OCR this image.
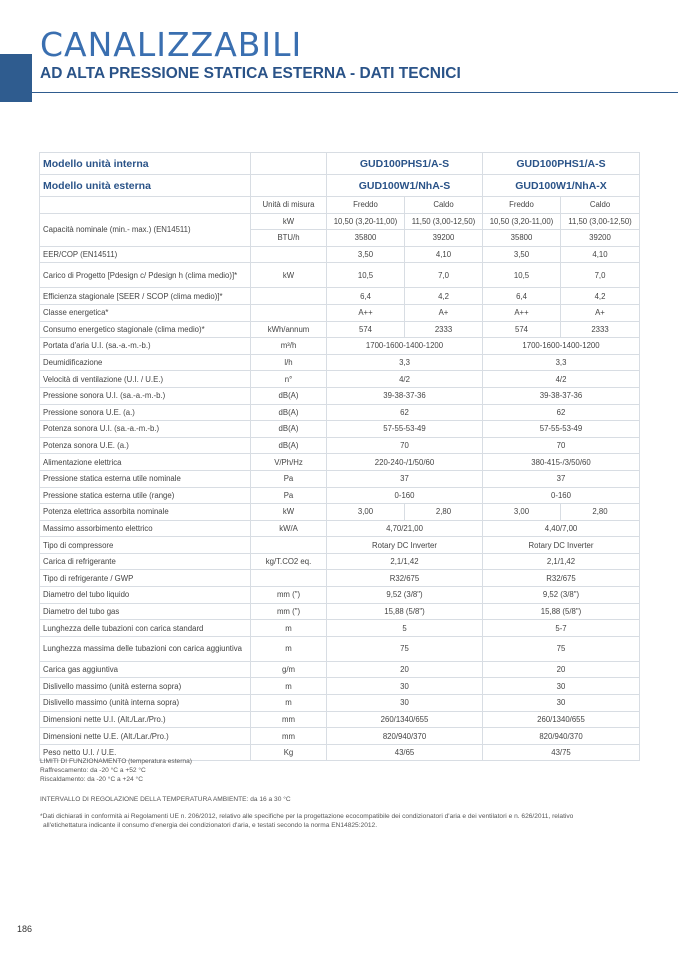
CANALIZZABILI
AD ALTA PRESSIONE STATICA ESTERNA - DATI TECNICI
Modello unità interna		GUD100PHS1/A-S		GUD100PHS1/A-S	
Modello unità esterna		GUD100W1/NhA-S		GUD100W1/NhA-X	
	Unità di misura	Freddo	Caldo	Freddo	Caldo
Capacità nominale (min.- max.) (EN14511)	kW	10,50 (3,20-11,00)	11,50 (3,00-12,50)	10,50 (3,20-11,00)	11,50 (3,00-12,50)
	BTU/h	35800	39200	35800	39200
EER/COP (EN14511)		3,50	4,10	3,50	4,10
Carico di Progetto [Pdesign c/ Pdesign h (clima medio)]*	kW	10,5	7,0	10,5	7,0
Efficienza stagionale [SEER / SCOP (clima medio)]*		6,4	4,2	6,4	4,2
Classe energetica*		A++	A+	A++	A+
Consumo energetico stagionale (clima medio)*	kWh/annum	574	2333	574	2333
Portata d'aria U.I. (sa.-a.-m.-b.)	m³/h	1700-1600-1400-1200		1700-1600-1400-1200	
Deumidificazione	l/h	3,3		3,3	
Velocità di ventilazione (U.I. / U.E.)	n°	4/2		4/2	
Pressione sonora U.I. (sa.-a.-m.-b.)	dB(A)	39-38-37-36		39-38-37-36	
Pressione sonora U.E. (a.)	dB(A)	62		62	
Potenza sonora U.I. (sa.-a.-m.-b.)	dB(A)	57-55-53-49		57-55-53-49	
Potenza sonora U.E. (a.)	dB(A)	70		70	
Alimentazione elettrica	V/Ph/Hz	220-240-/1/50/60		380-415-/3/50/60	
Pressione statica esterna utile nominale	Pa	37		37	
Pressione statica esterna utile (range)	Pa	0-160		0-160	
Potenza elettrica assorbita nominale	kW	3,00	2,80	3,00	2,80
Massimo assorbimento elettrico	kW/A	4,70/21,00		4,40/7,00	
Tipo di compressore		Rotary DC Inverter		Rotary DC Inverter	
Carica di refrigerante	kg/T.CO2 eq.	2,1/1,42		2,1/1,42	
Tipo di refrigerante / GWP		R32/675		R32/675	
Diametro del tubo liquido	mm (")	9,52 (3/8")		9,52 (3/8")	
Diametro del tubo gas	mm (")	15,88 (5/8")		15,88 (5/8")	
Lunghezza delle tubazioni con carica standard	m	5		5-7	
Lunghezza massima delle tubazioni con carica aggiuntiva	m	75		75	
Carica gas aggiuntiva	g/m	20		20	
Dislivello massimo (unità esterna sopra)	m	30		30	
Dislivello massimo (unità interna sopra)	m	30		30	
Dimensioni nette U.I. (Alt./Lar./Pro.)	mm	260/1340/655		260/1340/655	
Dimensioni nette U.E. (Alt./Lar./Pro.)	mm	820/940/370		820/940/370	
Peso netto U.I. / U.E.	Kg	43/65		43/75	
LIMITI DI FUNZIONAMENTO (temperatura esterna)
Raffrescamento: da -20 °C a +52 °C
Riscaldamento: da -20 °C a +24 °C
INTERVALLO DI REGOLAZIONE DELLA TEMPERATURA AMBIENTE: da 16 a 30 °C
*Dati dichiarati in conformità ai Regolamenti UE n. 206/2012, relativo alle specifiche per la progettazione ecocompatibile dei condizionatori d'aria e dei ventilatori e n. 626/2011, relativo
all'etichettatura indicante il consumo d'energia dei condizionatori d'aria, e testati secondo la norma EN14825:2012.
186
